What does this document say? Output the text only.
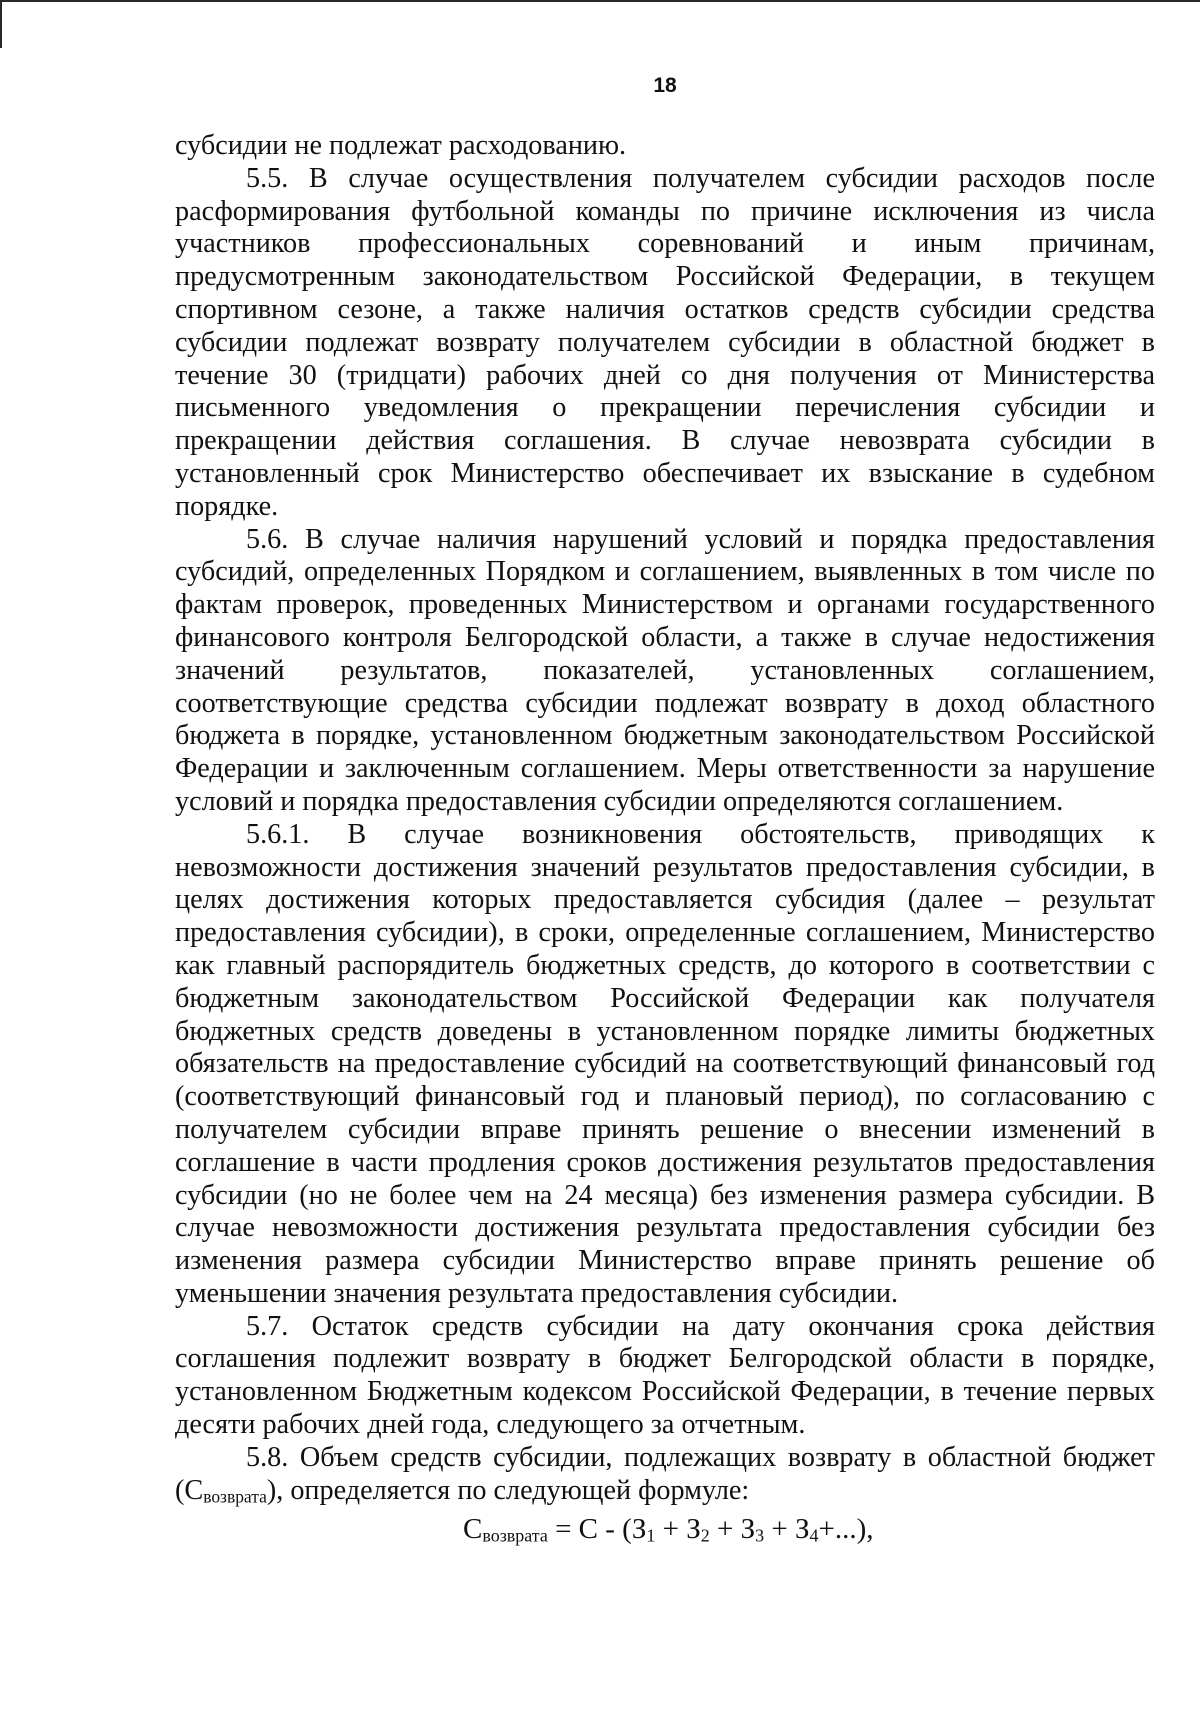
18

субсидии не подлежат расходованию.

5.5. В случае осуществления получателем субсидии расходов после расформирования футбольной команды по причине исключения из числа участников профессиональных соревнований и иным причинам, предусмотренным законодательством Российской Федерации, в текущем спортивном сезоне, а также наличия остатков средств субсидии средства субсидии подлежат возврату получателем субсидии в областной бюджет в течение 30 (тридцати) рабочих дней со дня получения от Министерства письменного уведомления о прекращении перечисления субсидии и прекращении действия соглашения. В случае невозврата субсидии в установленный срок Министерство обеспечивает их взыскание в судебном порядке.

5.6. В случае наличия нарушений условий и порядка предоставления субсидий, определенных Порядком и соглашением, выявленных в том числе по фактам проверок, проведенных Министерством и органами государственного финансового контроля Белгородской области, а также в случае недостижения значений результатов, показателей, установленных соглашением, соответствующие средства субсидии подлежат возврату в доход областного бюджета в порядке, установленном бюджетным законодательством Российской Федерации и заключенным соглашением. Меры ответственности за нарушение условий и порядка предоставления субсидии определяются соглашением.

5.6.1. В случае возникновения обстоятельств, приводящих к невозможности достижения значений результатов предоставления субсидии, в целях достижения которых предоставляется субсидия (далее – результат предоставления субсидии), в сроки, определенные соглашением, Министерство как главный распорядитель бюджетных средств, до которого в соответствии с бюджетным законодательством Российской Федерации как получателя бюджетных средств доведены в установленном порядке лимиты бюджетных обязательств на предоставление субсидий на соответствующий финансовый год (соответствующий финансовый год и плановый период), по согласованию с получателем субсидии вправе принять решение о внесении изменений в соглашение в части продления сроков достижения результатов предоставления субсидии (но не более чем на 24 месяца) без изменения размера субсидии. В случае невозможности достижения результата предоставления субсидии без изменения размера субсидии Министерство вправе принять решение об уменьшении значения результата предоставления субсидии.

5.7. Остаток средств субсидии на дату окончания срока действия соглашения подлежит возврату в бюджет Белгородской области в порядке, установленном Бюджетным кодексом Российской Федерации, в течение первых десяти рабочих дней года, следующего за отчетным.

5.8. Объем средств субсидии, подлежащих возврату в областной бюджет (Свозврата), определяется по следующей формуле:

$С_{возврата} = С - (З_1 + З_2 + З_3 + З_4+...)$,
